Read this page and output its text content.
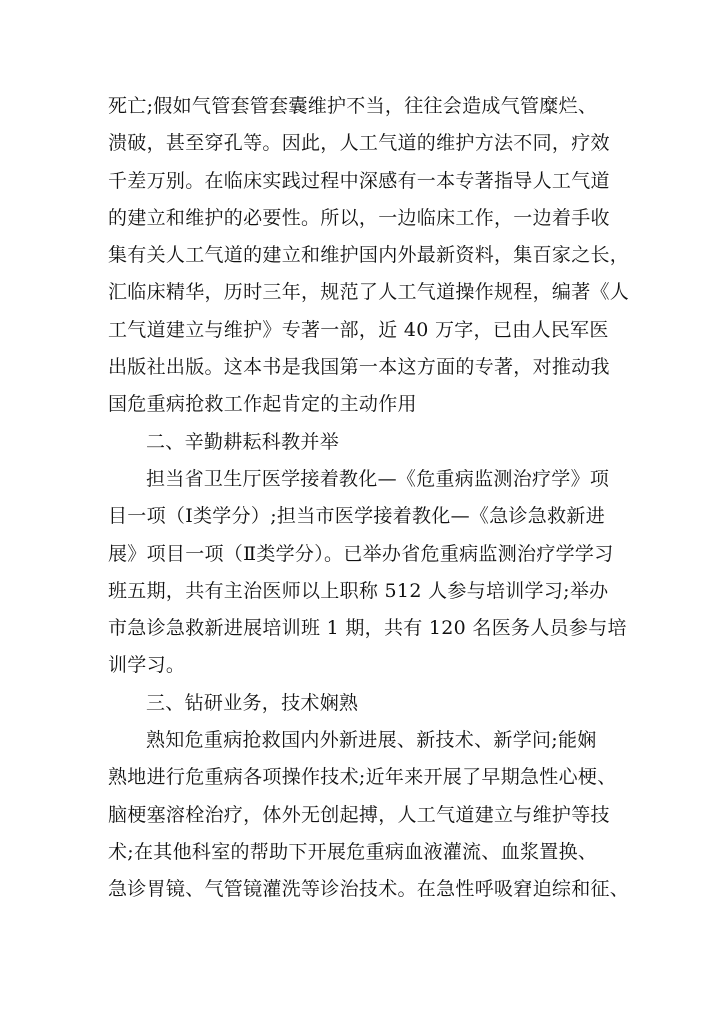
死亡;假如气管套管套囊维护不当，往往会造成气管糜烂、
溃破，甚至穿孔等。因此，人工气道的维护方法不同，疗效
千差万别。在临床实践过程中深感有一本专著指导人工气道
的建立和维护的必要性。所以，一边临床工作，一边着手收
集有关人工气道的建立和维护国内外最新资料，集百家之长，
汇临床精华，历时三年，规范了人工气道操作规程，编著《人
工气道建立与维护》专著一部，近 40 万字，已由人民军医
出版社出版。这本书是我国第一本这方面的专著，对推动我
国危重病抢救工作起肯定的主动作用
二、辛勤耕耘科教并举
担当省卫生厅医学接着教化—《危重病监测治疗学》项
目一项（Ⅰ类学分）;担当市医学接着教化—《急诊急救新进
展》项目一项（Ⅱ类学分）。已举办省危重病监测治疗学学习
班五期，共有主治医师以上职称 512 人参与培训学习;举办
市急诊急救新进展培训班 1 期，共有 120 名医务人员参与培
训学习。
三、钻研业务，技术娴熟
熟知危重病抢救国内外新进展、新技术、新学问;能娴
熟地进行危重病各项操作技术;近年来开展了早期急性心梗、
脑梗塞溶栓治疗，体外无创起搏，人工气道建立与维护等技
术;在其他科室的帮助下开展危重病血液灌流、血浆置换、
急诊胃镜、气管镜灌洗等诊治技术。在急性呼吸窘迫综和征、
